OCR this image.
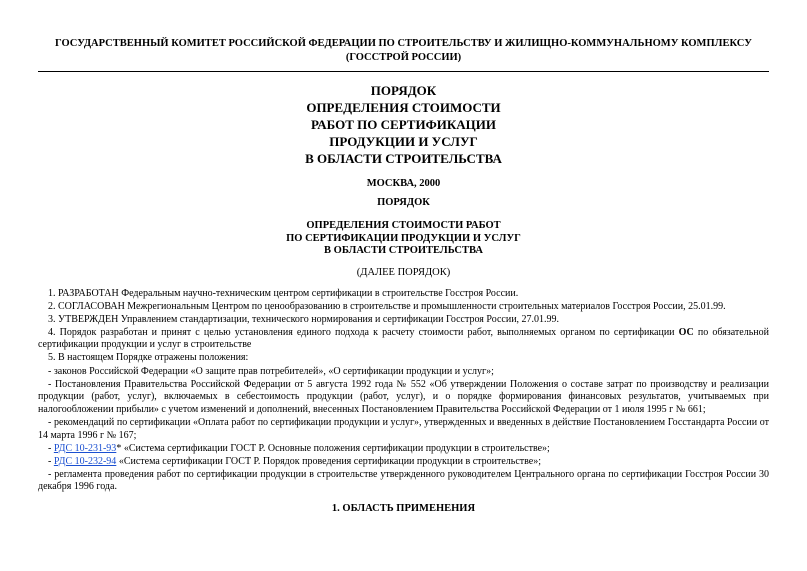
ГОСУДАРСТВЕННЫЙ КОМИТЕТ РОССИЙСКОЙ ФЕДЕРАЦИИ ПО СТРОИТЕЛЬСТВУ И ЖИЛИЩНО-КОММУНАЛЬНОМУ КОМПЛЕКСУ
(ГОССТРОЙ РОССИИ)
ПОРЯДОК
ОПРЕДЕЛЕНИЯ СТОИМОСТИ
РАБОТ ПО СЕРТИФИКАЦИИ
ПРОДУКЦИИ И УСЛУГ
В ОБЛАСТИ СТРОИТЕЛЬСТВА
МОСКВА, 2000
ПОРЯДОК
ОПРЕДЕЛЕНИЯ СТОИМОСТИ РАБОТ
ПО СЕРТИФИКАЦИИ ПРОДУКЦИИ И УСЛУГ
В ОБЛАСТИ СТРОИТЕЛЬСТВА
(ДАЛЕЕ ПОРЯДОК)

1. РАЗРАБОТАН Федеральным научно-техническим центром сертификации в строительстве Госстроя России.

2. СОГЛАСОВАН Межрегиональным Центром по ценообразованию в строительстве и промышленности строительных материалов Госстроя России, 25.01.99.

3. УТВЕРЖДЕН Управлением стандартизации, технического нормирования и сертификации Госстроя России, 27.01.99.

4. Порядок разработан и принят с целью установления единого подхода к расчету стоимости работ, выполняемых органом по сертификации ОС по обязательной сертификации продукции и услуг в строительстве

5. В настоящем Порядке отражены положения:

- законов Российской Федерации «О защите прав потребителей», «О сертификации продукции и услуг»;

- Постановления Правительства Российской Федерации от 5 августа 1992 года № 552 «Об утверждении Положения о составе затрат по производству и реализации продукции (работ, услуг), включаемых в себестоимость продукции (работ, услуг), и о порядке формирования финансовых результатов, учитываемых при налогообложении прибыли» с учетом изменений и дополнений, внесенных Постановлением Правительства Российской Федерации от 1 июля 1995 г № 661;

- рекомендаций по сертификации «Оплата работ по сертификации продукции и услуг», утвержденных и введенных в действие Постановлением Госстандарта России от 14 марта 1996 г № 167;

- РДС 10-231-93* «Система сертификации ГОСТ Р. Основные положения сертификации продукции в строительстве»;

- РДС 10-232-94 «Система сертификации ГОСТ Р. Порядок проведения сертификации продукции в строительстве»;

- регламента проведения работ по сертификации продукции в строительстве утвержденного руководителем Центрального органа по сертификации Госстроя России 30 декабря 1996 года.

1. ОБЛАСТЬ ПРИМЕНЕНИЯ
